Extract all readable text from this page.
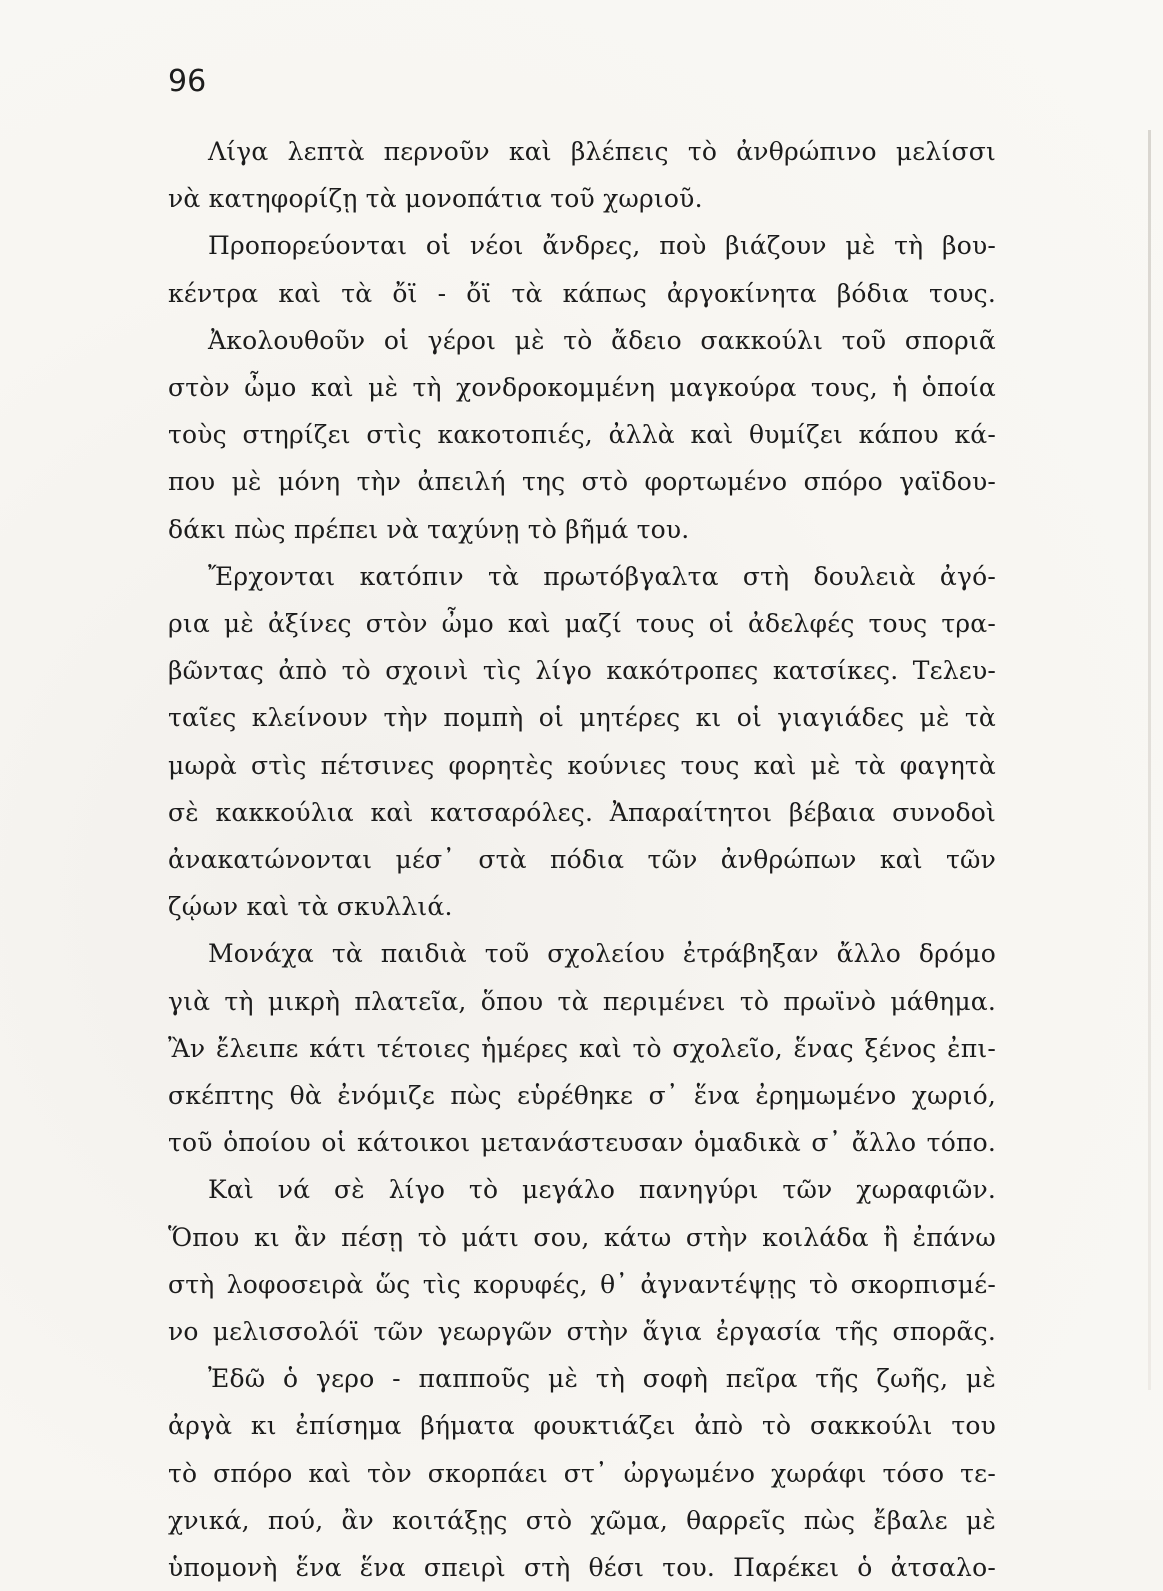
96
Λίγα λεπτὰ περνοῦν καὶ βλέπεις τὸ ἀνθρώπινο μελίσσι
νὰ κατηφορίζῃ τὰ μονοπάτια τοῦ χωριοῦ.
Προπορεύονται οἱ νέοι ἄνδρες, ποὺ βιάζουν μὲ τὴ βου-
κέντρα καὶ τὰ ὄϊ - ὄϊ τὰ κάπως ἀργοκίνητα βόδια τους.
Ἀκολουθοῦν οἱ γέροι μὲ τὸ ἄδειο σακκούλι τοῦ σποριᾶ
στὸν ὦμο καὶ μὲ τὴ χονδροκομμένη μαγκούρα τους, ἡ ὁποία
τοὺς στηρίζει στὶς κακοτοπιές, ἀλλὰ καὶ θυμίζει κάπου κά-
που μὲ μόνη τὴν ἀπειλή της στὸ φορτωμένο σπόρο γαϊδου-
δάκι πὼς πρέπει νὰ ταχύνῃ τὸ βῆμά του.
Ἔρχονται κατόπιν τὰ πρωτόβγαλτα στὴ δουλειὰ ἀγό-
ρια μὲ ἀξίνες στὸν ὦμο καὶ μαζί τους οἱ ἀδελφές τους τρα-
βῶντας ἀπὸ τὸ σχοινὶ τὶς λίγο κακότροπες κατσίκες. Τελευ-
ταῖες κλείνουν τὴν πομπὴ οἱ μητέρες κι οἱ γιαγιάδες μὲ τὰ
μωρὰ στὶς πέτσινες φορητὲς κούνιες τους καὶ μὲ τὰ φαγητὰ
σὲ κακκούλια καὶ κατσαρόλες. Ἀπαραίτητοι βέβαια συνοδοὶ
ἀνακατώνονται μέσ᾿ στὰ πόδια τῶν ἀνθρώπων καὶ τῶν
ζῴων καὶ τὰ σκυλλιά.
Μονάχα τὰ παιδιὰ τοῦ σχολείου ἐτράβηξαν ἄλλο δρόμο
γιὰ τὴ μικρὴ πλατεῖα, ὅπου τὰ περιμένει τὸ πρωϊνὸ μάθημα.
Ἂν ἔλειπε κάτι τέτοιες ἡμέρες καὶ τὸ σχολεῖο, ἕνας ξένος ἐπι-
σκέπτης θὰ ἐνόμιζε πὼς εὑρέθηκε σ᾿ ἕνα ἐρημωμένο χωριό,
τοῦ ὁποίου οἱ κάτοικοι μετανάστευσαν ὁμαδικὰ σ᾿ ἄλλο τόπο.
Καὶ νά σὲ λίγο τὸ μεγάλο πανηγύρι τῶν χωραφιῶν.
Ὅπου κι ἂν πέσῃ τὸ μάτι σου, κάτω στὴν κοιλάδα ἢ ἐπάνω
στὴ λοφοσειρὰ ὥς τὶς κορυφές, θ᾿ ἀγναντέψῃς τὸ σκορπισμέ-
νο μελισσολόϊ τῶν γεωργῶν στὴν ἅγια ἐργασία τῆς σπορᾶς.
Ἐδῶ ὁ γερο - παπποῦς μὲ τὴ σοφὴ πεῖρα τῆς ζωῆς, μὲ
ἀργὰ κι ἐπίσημα βήματα φουκτιάζει ἀπὸ τὸ σακκούλι του
τὸ σπόρο καὶ τὸν σκορπάει στ᾿ ὠργωμένο χωράφι τόσο τε-
χνικά, πού, ἂν κοιτάξῃς στὸ χῶμα, θαρρεῖς πὼς ἔβαλε μὲ
ὑπομονὴ ἕνα ἕνα σπειρὶ στὴ θέσι του. Παρέκει ὁ ἀτσαλο-
